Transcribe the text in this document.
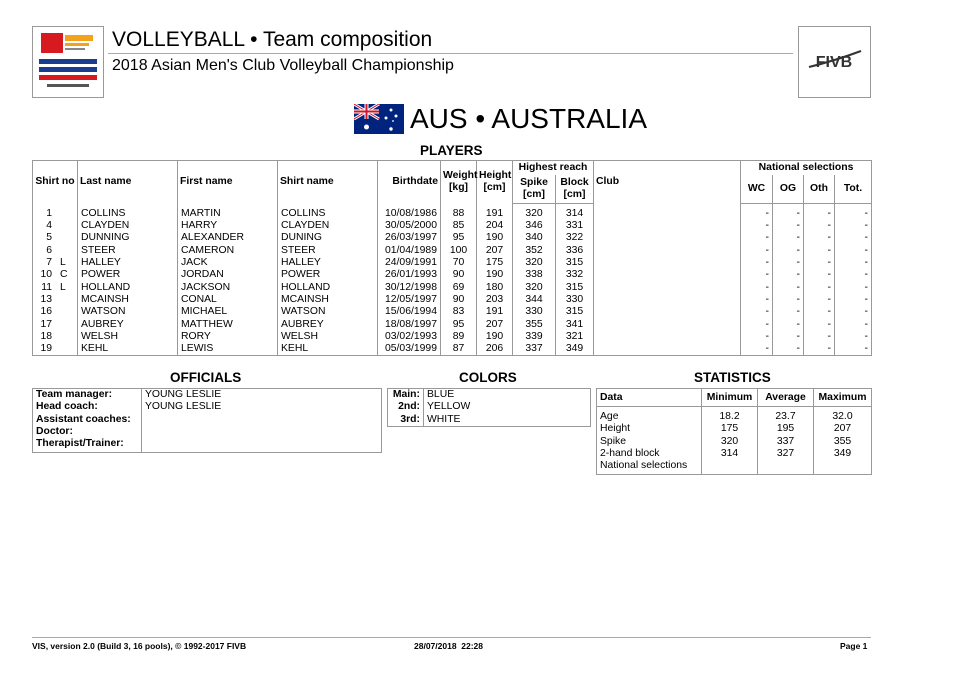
VOLLEYBALL • Team composition
2018 Asian Men's Club Volleyball Championship	FIVB
AUS • AUSTRALIA
PLAYERS
Shirt no	Last name	First name	Shirt name	Birthdate	Weight [kg]	Height [cm]	Highest reach		Club	National selections			
							Spike [cm]	Block [cm]		WC	OG	Oth	Tot.
1	COLLINS	MARTIN	COLLINS	10/08/1986	88	191	320	314		-	-	-	-
4	CLAYDEN	HARRY	CLAYDEN	30/05/2000	85	204	346	331		-	-	-	-
5	DUNNING	ALEXANDER	DUNING	26/03/1997	95	190	340	322		-	-	-	-
6	STEER	CAMERON	STEER	01/04/1989	100	207	352	336		-	-	-	-
7 L	HALLEY	JACK	HALLEY	24/09/1991	70	175	320	315		-	-	-	-
10 C	POWER	JORDAN	POWER	26/01/1993	90	190	338	332		-	-	-	-
11 L	HOLLAND	JACKSON	HOLLAND	30/12/1998	69	180	320	315		-	-	-	-
13	MCAINSH	CONAL	MCAINSH	12/05/1997	90	203	344	330		-	-	-	-
16	WATSON	MICHAEL	WATSON	15/06/1994	83	191	330	315		-	-	-	-
17	AUBREY	MATTHEW	AUBREY	18/08/1997	95	207	355	341		-	-	-	-
18	WELSH	RORY	WELSH	03/02/1993	89	190	339	321		-	-	-	-
19	KEHL	LEWIS	KEHL	05/03/1999	87	206	337	349		-	-	-	-
OFFICIALS
Team manager:	YOUNG LESLIE
Head coach:	YOUNG LESLIE
Assistant coaches:	

Doctor:	
Therapist/Trainer:	
COLORS
Main:	BLUE
2nd:	YELLOW
3rd:	WHITE
STATISTICS
Data	Minimum	Average	Maximum
Age	18.2	23.7	32.0
Height	175	195	207
Spike	320	337	355
2-hand block	314	327	349
National selections			
VIS, version 2.0 (Build 3, 16 pools), © 1992-2017 FIVB	28/07/2018  22:28	Page 1
